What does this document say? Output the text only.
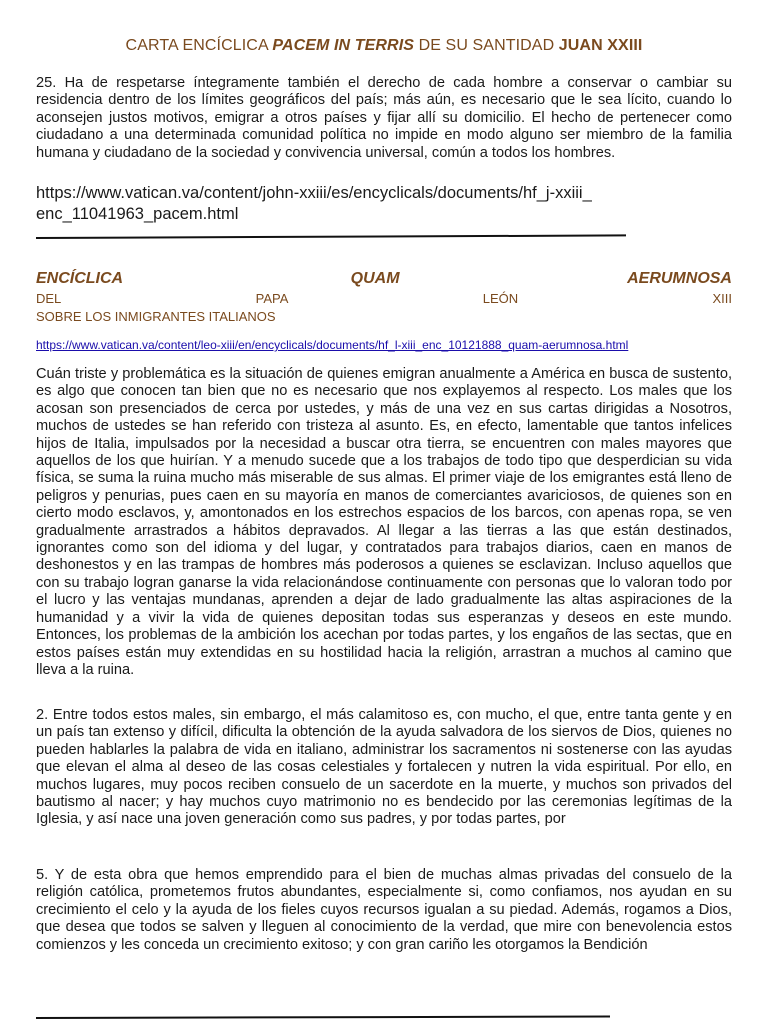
CARTA ENCÍCLICA PACEM IN TERRIS DE SU SANTIDAD JUAN XXIII

25. Ha de respetarse íntegramente también el derecho de cada hombre a conservar o cambiar su residencia dentro de los límites geográficos del país; más aún, es necesario que le sea lícito, cuando lo aconsejen justos motivos, emigrar a otros países y fijar allí su domicilio. El hecho de pertenecer como ciudadano a una determinada comunidad política no impide en modo alguno ser miembro de la familia humana y ciudadano de la sociedad y convivencia universal, común a todos los hombres.

https://www.vatican.va/content/john-xxiii/es/encyclicals/documents/hf_j-xxiii_enc_11041963_pacem.html
ENCÍCLICA	QUAM	AERUMNOSA
DEL	PAPA	LEÓN	XIII
SOBRE LOS INMIGRANTES ITALIANOS
https://www.vatican.va/content/leo-xiii/en/encyclicals/documents/hf_l-xiii_enc_10121888_quam-aerumnosa.html

Cuán triste y problemática es la situación de quienes emigran anualmente a América en busca de sustento, es algo que conocen tan bien que no es necesario que nos explayemos al respecto. Los males que los acosan son presenciados de cerca por ustedes, y más de una vez en sus cartas dirigidas a Nosotros, muchos de ustedes se han referido con tristeza al asunto. Es, en efecto, lamentable que tantos infelices hijos de Italia, impulsados por la necesidad a buscar otra tierra, se encuentren con males mayores que aquellos de los que huirían. Y a menudo sucede que a los trabajos de todo tipo que desperdician su vida física, se suma la ruina mucho más miserable de sus almas. El primer viaje de los emigrantes está lleno de peligros y penurias, pues caen en su mayoría en manos de comerciantes avariciosos, de quienes son en cierto modo esclavos, y, amontonados en los estrechos espacios de los barcos, con apenas ropa, se ven gradualmente arrastrados a hábitos depravados. Al llegar a las tierras a las que están destinados, ignorantes como son del idioma y del lugar, y contratados para trabajos diarios, caen en manos de deshonestos y en las trampas de hombres más poderosos a quienes se esclavizan. Incluso aquellos que con su trabajo logran ganarse la vida relacionándose continuamente con personas que lo valoran todo por el lucro y las ventajas mundanas, aprenden a dejar de lado gradualmente las altas aspiraciones de la humanidad y a vivir la vida de quienes depositan todas sus esperanzas y deseos en este mundo. Entonces, los problemas de la ambición los acechan por todas partes, y los engaños de las sectas, que en estos países están muy extendidas en su hostilidad hacia la religión, arrastran a muchos al camino que lleva a la ruina.

2. Entre todos estos males, sin embargo, el más calamitoso es, con mucho, el que, entre tanta gente y en un país tan extenso y difícil, dificulta la obtención de la ayuda salvadora de los siervos de Dios, quienes no pueden hablarles la palabra de vida en italiano, administrar los sacramentos ni sostenerse con las ayudas que elevan el alma al deseo de las cosas celestiales y fortalecen y nutren la vida espiritual. Por ello, en muchos lugares, muy pocos reciben consuelo de un sacerdote en la muerte, y muchos son privados del bautismo al nacer; y hay muchos cuyo matrimonio no es bendecido por las ceremonias legítimas de la Iglesia, y así nace una joven generación como sus padres, y por todas partes, por

5. Y de esta obra que hemos emprendido para el bien de muchas almas privadas del consuelo de la religión católica, prometemos frutos abundantes, especialmente si, como confiamos, nos ayudan en su crecimiento el celo y la ayuda de los fieles cuyos recursos igualan a su piedad. Además, rogamos a Dios, que desea que todos se salven y lleguen al conocimiento de la verdad, que mire con benevolencia estos comienzos y les conceda un crecimiento exitoso; y con gran cariño les otorgamos la Bendición
